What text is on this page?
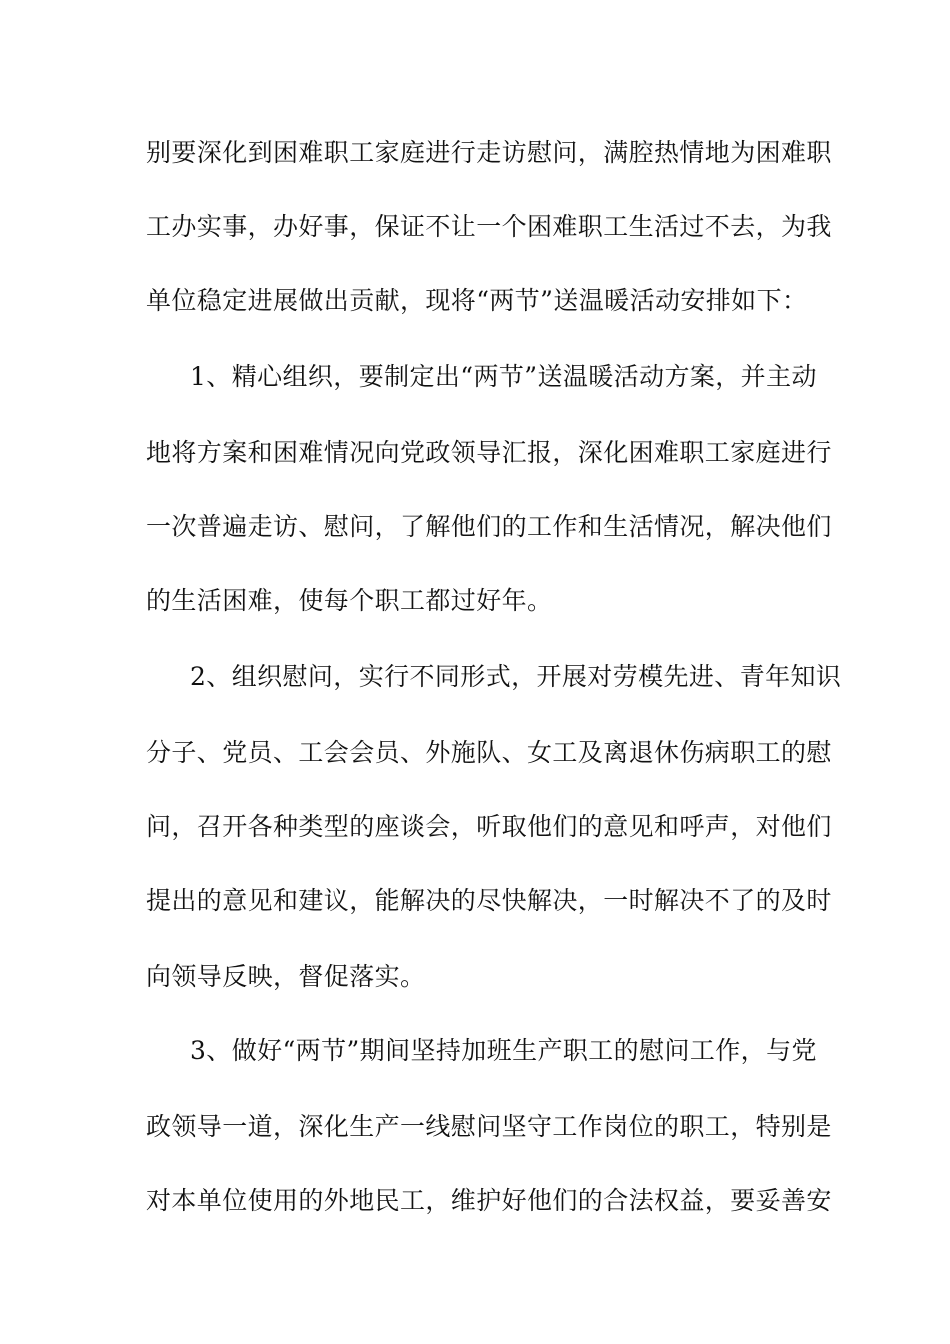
别要深化到困难职工家庭进行走访慰问，满腔热情地为困难职

工办实事，办好事，保证不让一个困难职工生活过不去，为我

单位稳定进展做出贡献，现将“两节”送温暖活动安排如下：

1、精心组织，要制定出“两节”送温暖活动方案，并主动

地将方案和困难情况向党政领导汇报，深化困难职工家庭进行

一次普遍走访、慰问，了解他们的工作和生活情况，解决他们

的生活困难，使每个职工都过好年。

2、组织慰问，实行不同形式，开展对劳模先进、青年知识

分子、党员、工会会员、外施队、女工及离退休伤病职工的慰

问，召开各种类型的座谈会，听取他们的意见和呼声，对他们

提出的意见和建议，能解决的尽快解决，一时解决不了的及时

向领导反映，督促落实。

3、做好“两节”期间坚持加班生产职工的慰问工作，与党

政领导一道，深化生产一线慰问坚守工作岗位的职工，特别是

对本单位使用的外地民工，维护好他们的合法权益，要妥善安
